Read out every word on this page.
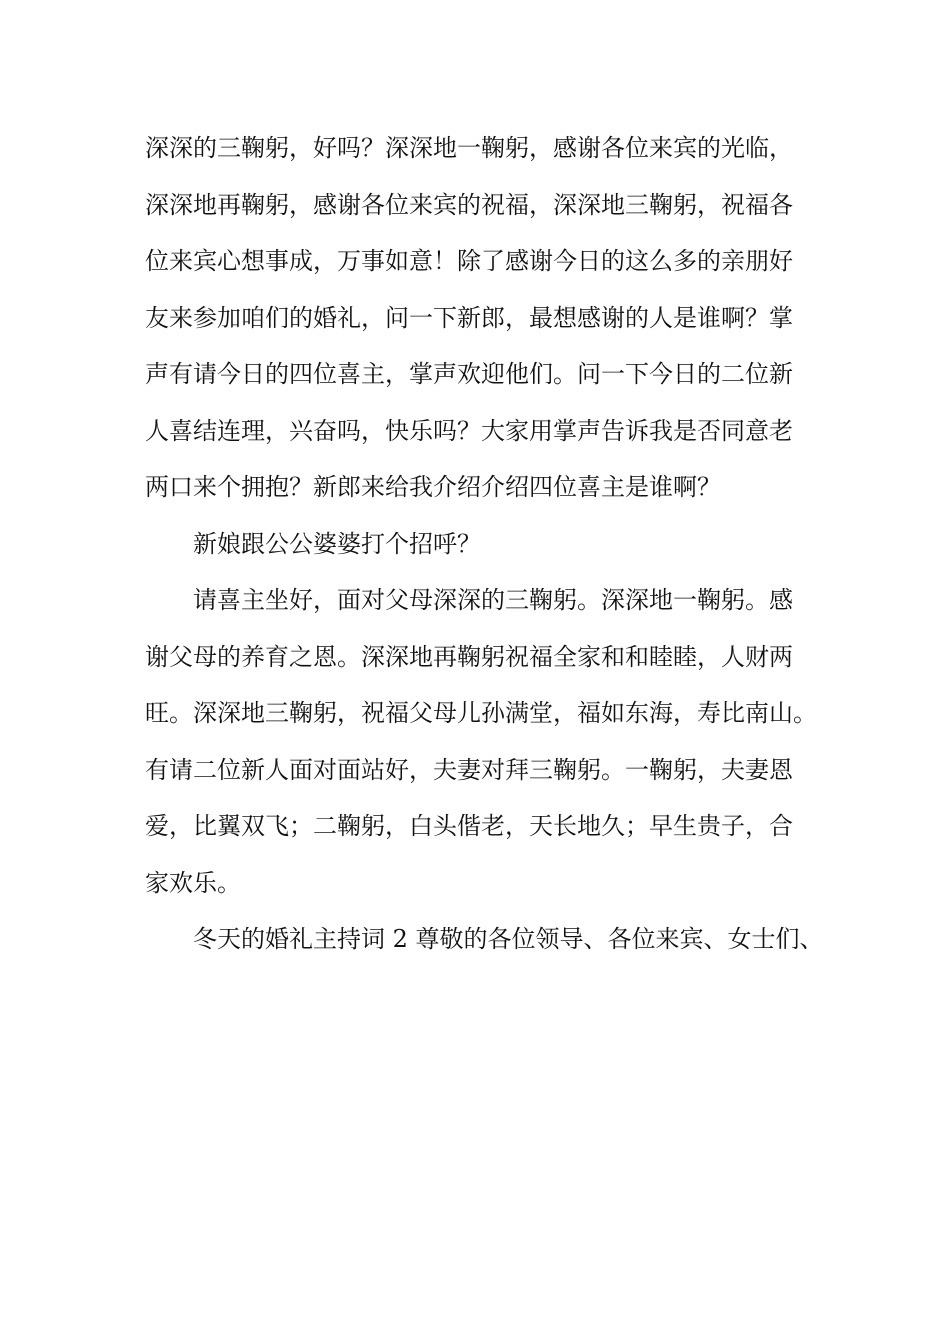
深深的三鞠躬，好吗？深深地一鞠躬，感谢各位来宾的光临，
深深地再鞠躬，感谢各位来宾的祝福，深深地三鞠躬，祝福各
位来宾心想事成，万事如意！除了感谢今日的这么多的亲朋好
友来参加咱们的婚礼，问一下新郎，最想感谢的人是谁啊？掌
声有请今日的四位喜主，掌声欢迎他们。问一下今日的二位新
人喜结连理，兴奋吗，快乐吗？大家用掌声告诉我是否同意老
两口来个拥抱？新郎来给我介绍介绍四位喜主是谁啊？
新娘跟公公婆婆打个招呼？
请喜主坐好，面对父母深深的三鞠躬。深深地一鞠躬。感
谢父母的养育之恩。深深地再鞠躬祝福全家和和睦睦，人财两
旺。深深地三鞠躬，祝福父母儿孙满堂，福如东海，寿比南山。
有请二位新人面对面站好，夫妻对拜三鞠躬。一鞠躬，夫妻恩
爱，比翼双飞；二鞠躬，白头偕老，天长地久；早生贵子，合
家欢乐。
冬天的婚礼主持词 2 尊敬的各位领导、各位来宾、女士们、
